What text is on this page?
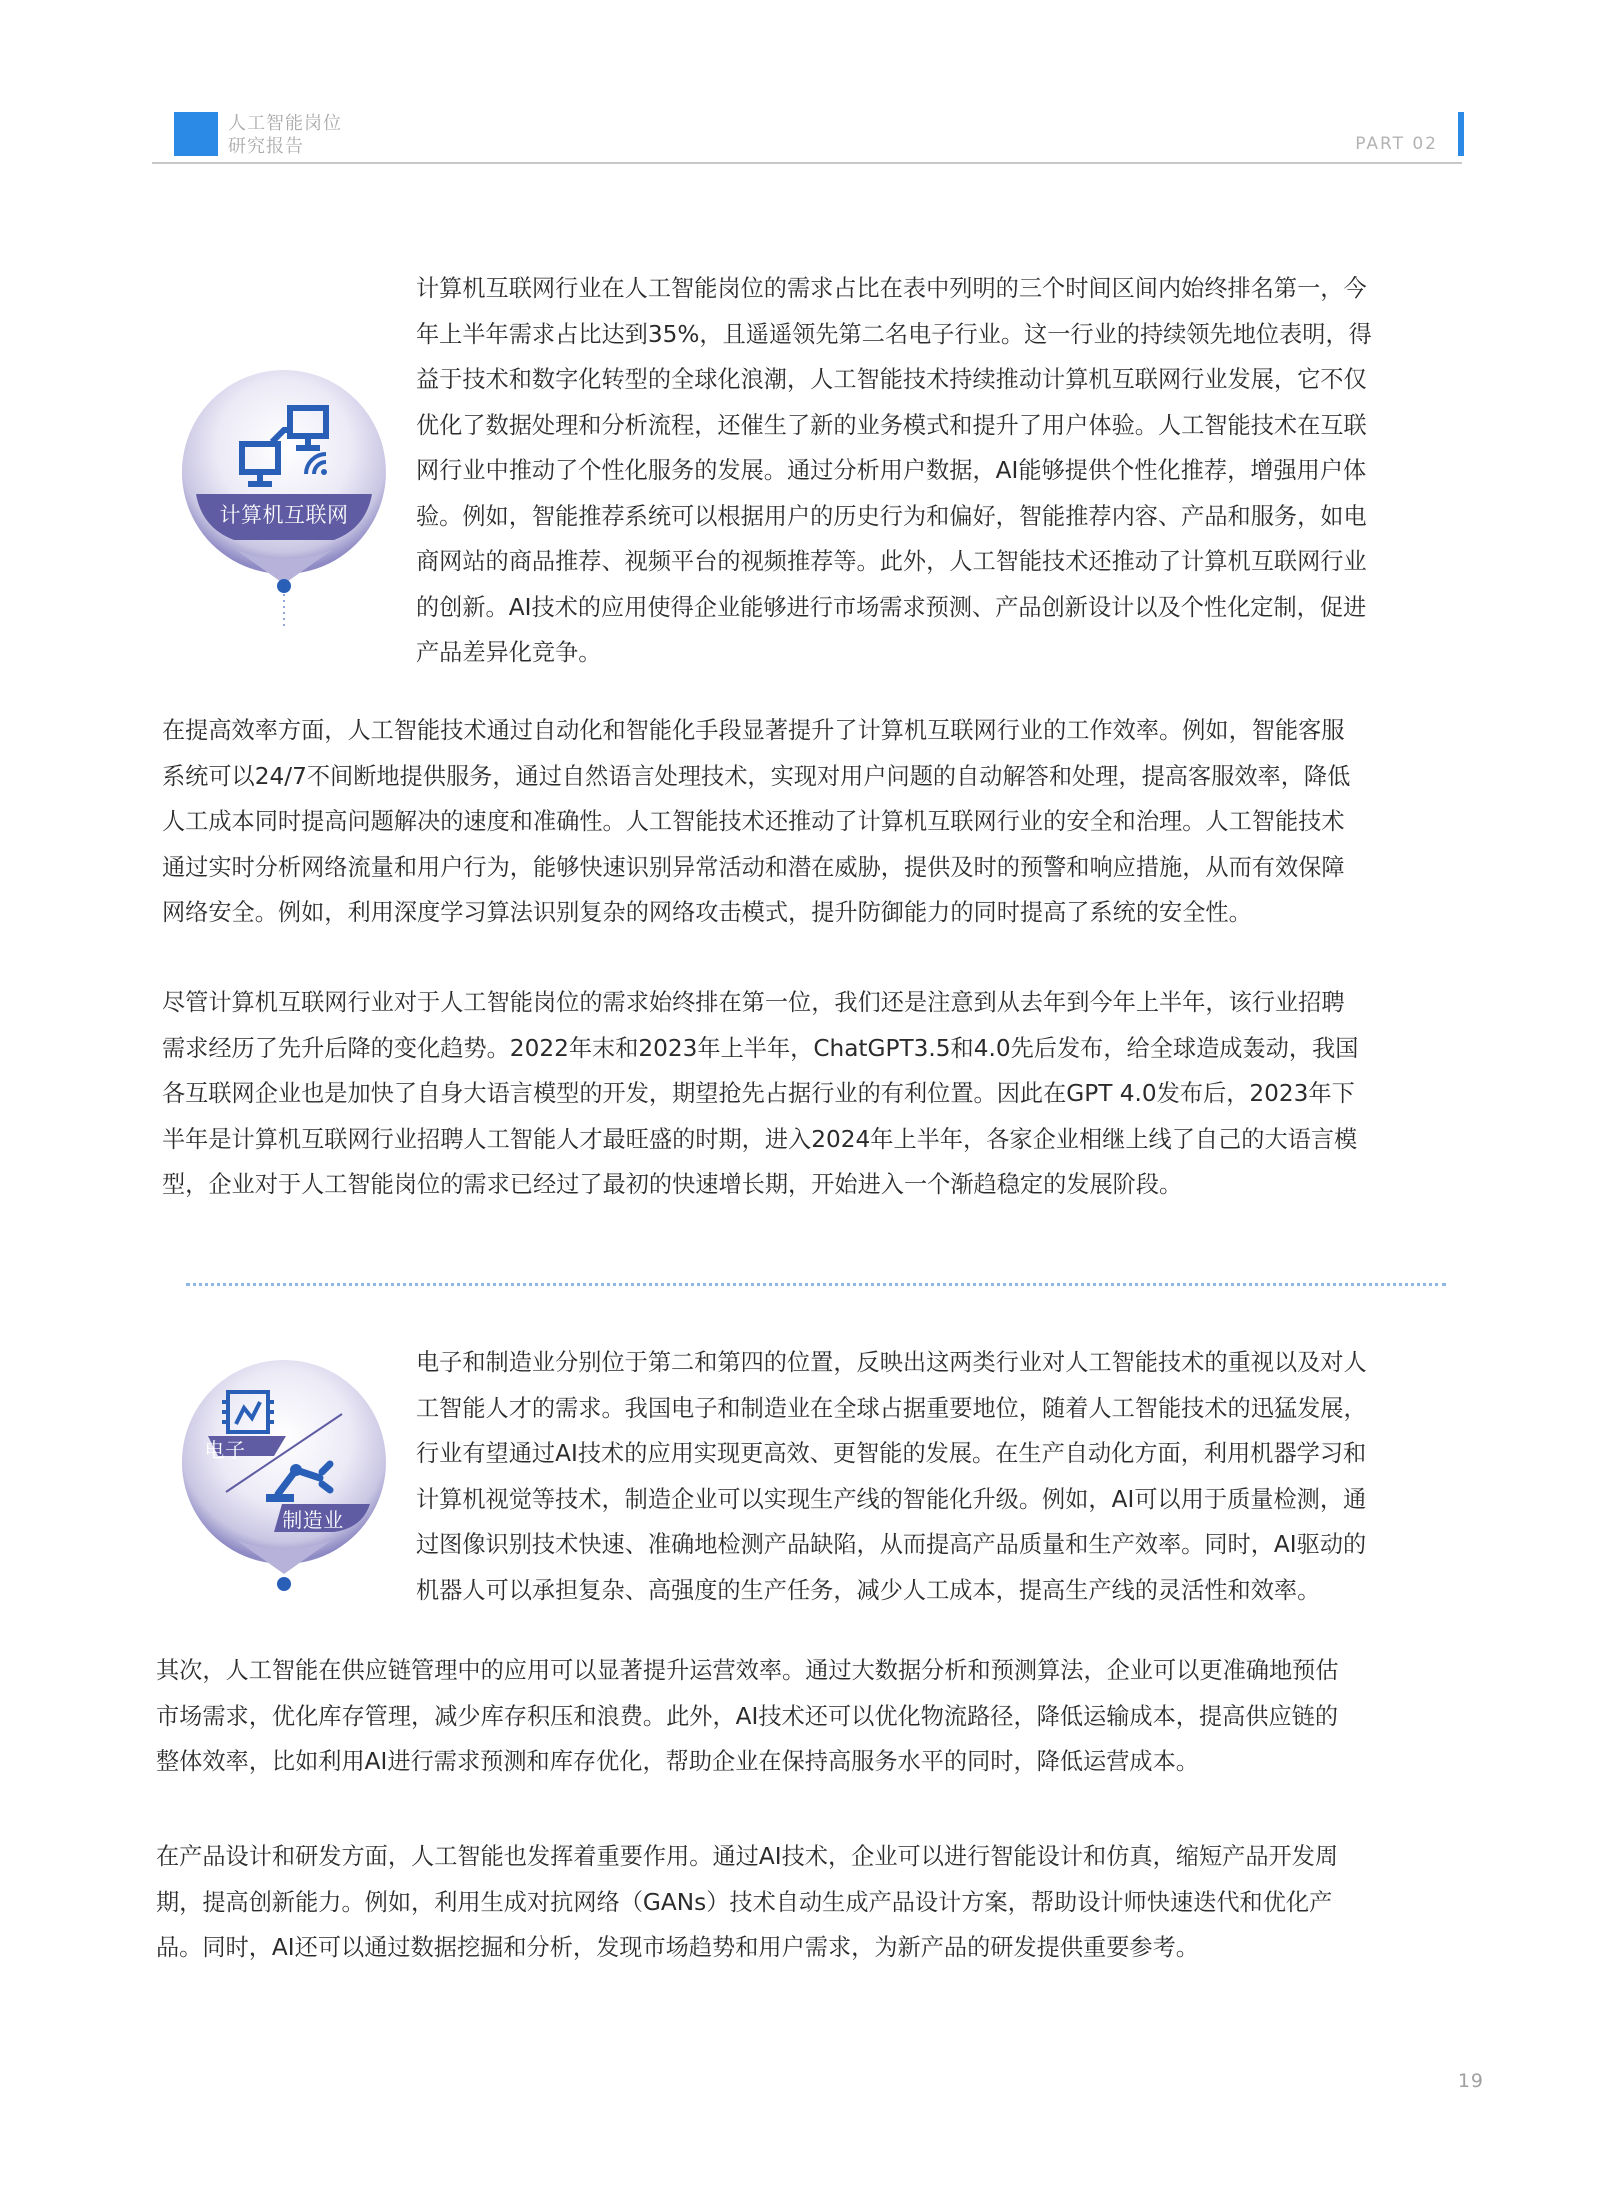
人工智能岗位
研究报告	PART 02
计算机互联网
计算机互联网行业在人工智能岗位的需求占比在表中列明的三个时间区间内始终排名第一，今
年上半年需求占比达到35%，且遥遥领先第二名电子行业。这一行业的持续领先地位表明，得
益于技术和数字化转型的全球化浪潮，人工智能技术持续推动计算机互联网行业发展，它不仅
优化了数据处理和分析流程，还催生了新的业务模式和提升了用户体验。人工智能技术在互联
网行业中推动了个性化服务的发展。通过分析用户数据，AI能够提供个性化推荐，增强用户体
验。例如，智能推荐系统可以根据用户的历史行为和偏好，智能推荐内容、产品和服务，如电
商网站的商品推荐、视频平台的视频推荐等。此外，人工智能技术还推动了计算机互联网行业
的创新。AI技术的应用使得企业能够进行市场需求预测、产品创新设计以及个性化定制，促进
产品差异化竞争。
在提高效率方面，人工智能技术通过自动化和智能化手段显著提升了计算机互联网行业的工作效率。例如，智能客服
系统可以24/7不间断地提供服务，通过自然语言处理技术，实现对用户问题的自动解答和处理，提高客服效率，降低
人工成本同时提高问题解决的速度和准确性。人工智能技术还推动了计算机互联网行业的安全和治理。人工智能技术
通过实时分析网络流量和用户行为，能够快速识别异常活动和潜在威胁，提供及时的预警和响应措施，从而有效保障
网络安全。例如，利用深度学习算法识别复杂的网络攻击模式，提升防御能力的同时提高了系统的安全性。
尽管计算机互联网行业对于人工智能岗位的需求始终排在第一位，我们还是注意到从去年到今年上半年，该行业招聘
需求经历了先升后降的变化趋势。2022年末和2023年上半年，ChatGPT3.5和4.0先后发布，给全球造成轰动，我国
各互联网企业也是加快了自身大语言模型的开发，期望抢先占据行业的有利位置。因此在GPT 4.0发布后，2023年下
半年是计算机互联网行业招聘人工智能人才最旺盛的时期，进入2024年上半年，各家企业相继上线了自己的大语言模
型，企业对于人工智能岗位的需求已经过了最初的快速增长期，开始进入一个渐趋稳定的发展阶段。
电子
制造业
电子和制造业分别位于第二和第四的位置，反映出这两类行业对人工智能技术的重视以及对人
工智能人才的需求。我国电子和制造业在全球占据重要地位，随着人工智能技术的迅猛发展，
行业有望通过AI技术的应用实现更高效、更智能的发展。在生产自动化方面，利用机器学习和
计算机视觉等技术，制造企业可以实现生产线的智能化升级。例如，AI可以用于质量检测，通
过图像识别技术快速、准确地检测产品缺陷，从而提高产品质量和生产效率。同时，AI驱动的
机器人可以承担复杂、高强度的生产任务，减少人工成本，提高生产线的灵活性和效率。
其次，人工智能在供应链管理中的应用可以显著提升运营效率。通过大数据分析和预测算法，企业可以更准确地预估
市场需求，优化库存管理，减少库存积压和浪费。此外，AI技术还可以优化物流路径，降低运输成本，提高供应链的
整体效率，比如利用AI进行需求预测和库存优化，帮助企业在保持高服务水平的同时，降低运营成本。
在产品设计和研发方面，人工智能也发挥着重要作用。通过AI技术，企业可以进行智能设计和仿真，缩短产品开发周
期，提高创新能力。例如，利用生成对抗网络（GANs）技术自动生成产品设计方案，帮助设计师快速迭代和优化产
品。同时，AI还可以通过数据挖掘和分析，发现市场趋势和用户需求，为新产品的研发提供重要参考。
19
